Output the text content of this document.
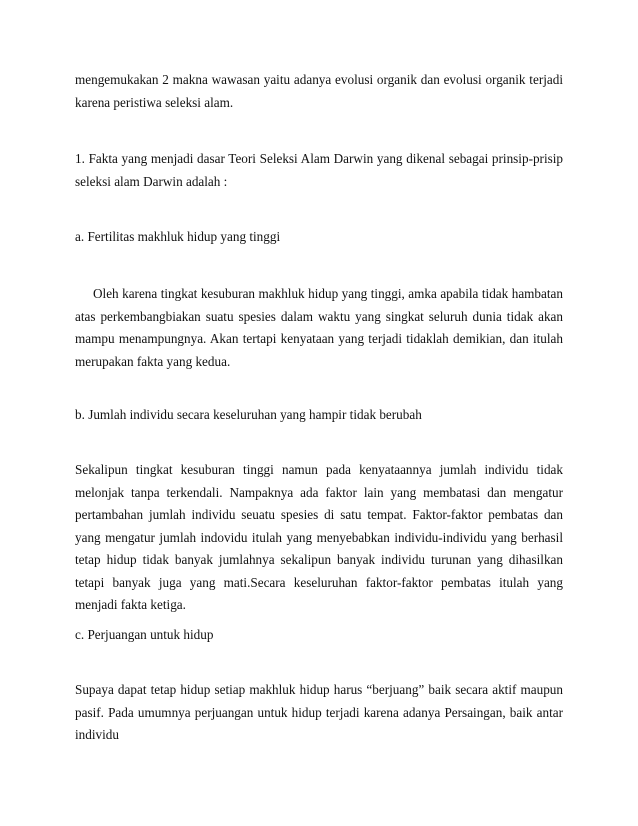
mengemukakan 2 makna wawasan yaitu adanya evolusi organik dan evolusi organik terjadi karena peristiwa seleksi alam.

1. Fakta yang menjadi dasar Teori Seleksi Alam Darwin yang dikenal sebagai prinsip-prisip seleksi alam Darwin adalah :

a. Fertilitas makhluk hidup yang tinggi

Oleh karena tingkat kesuburan makhluk hidup yang tinggi, amka apabila tidak hambatan atas perkembangbiakan suatu spesies dalam waktu yang singkat seluruh dunia tidak akan mampu menampungnya. Akan tertapi kenyataan yang terjadi tidaklah demikian, dan itulah merupakan fakta yang kedua.

b. Jumlah individu secara keseluruhan yang hampir tidak berubah

Sekalipun tingkat kesuburan tinggi namun pada kenyataannya jumlah individu tidak melonjak tanpa terkendali. Nampaknya ada faktor lain yang membatasi dan mengatur pertambahan jumlah individu seuatu spesies di satu tempat. Faktor-faktor pembatas dan yang mengatur jumlah indovidu itulah yang menyebabkan individu-individu yang berhasil tetap hidup tidak banyak jumlahnya sekalipun banyak individu turunan yang dihasilkan tetapi banyak juga yang mati.Secara keseluruhan faktor-faktor pembatas itulah yang menjadi fakta ketiga.

c. Perjuangan untuk hidup

Supaya dapat tetap hidup setiap makhluk hidup harus “berjuang” baik secara aktif maupun pasif. Pada umumnya perjuangan untuk hidup terjadi karena adanya Persaingan, baik antar individu
